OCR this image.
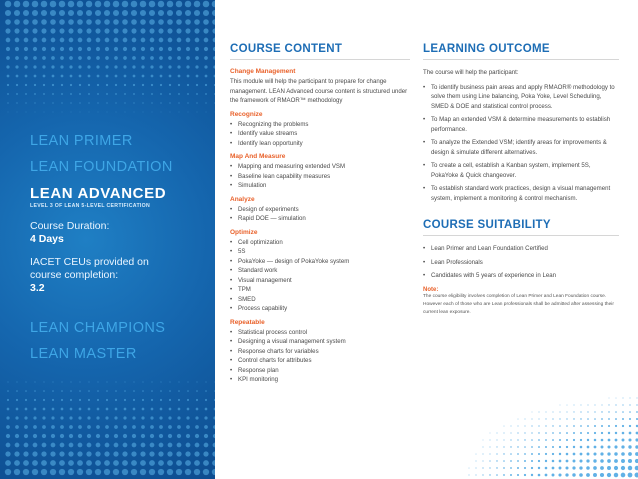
LEAN PRIMER
LEAN FOUNDATION
LEAN ADVANCED
LEVEL 3 OF LEAN 5-LEVEL CERTIFICATION
Course Duration:
4 Days
IACET CEUs provided on course completion:
3.2
LEAN CHAMPIONS
LEAN MASTER
COURSE CONTENT
Change Management
This module will help the participant to prepare for change management. LEAN Advanced course content is structured under the framework of RMAOR™ methodology
Recognize
• Recognizing the problems
• Identify value streams
• Identify lean opportunity
Map And Measure
• Mapping and measuring extended VSM
• Baseline lean capability measures
• Simulation
Analyze
• Design of experiments
• Rapid DOE — simulation
Optimize
• Cell optimization
• 5S
• PokaYoke — design of PokaYoke system
• Standard work
• Visual management
• TPM
• SMED
• Process capability
Repeatable
• Statistical process control
• Designing a visual management system
• Response charts for variables
• Control charts for attributes
• Response plan
• KPI monitoring
LEARNING OUTCOME
The course will help the participant:
• To identify business pain areas and apply RMAOR® methodology to solve them using Line balancing, Poka Yoke, Level Scheduling, SMED & DOE and statistical control process.
• To Map an extended VSM & determine measurements to establish performance.
• To analyze the Extended VSM; identify areas for improvements & design & simulate different alternatives.
• To create a cell, establish a Kanban system, implement 5S, PokaYoke & Quick changeover.
• To establish standard work practices, design a visual management system, implement a monitoring & control mechanism.
COURSE SUITABILITY
• Lean Primer and Lean Foundation Certified
• Lean Professionals
• Candidates with 5 years of experience in Lean
Note:
The course eligibility involves completion of Lean Primer and Lean Foundation course. However each of those who are Lean professionals shall be admitted after assessing their current lean exposure.
